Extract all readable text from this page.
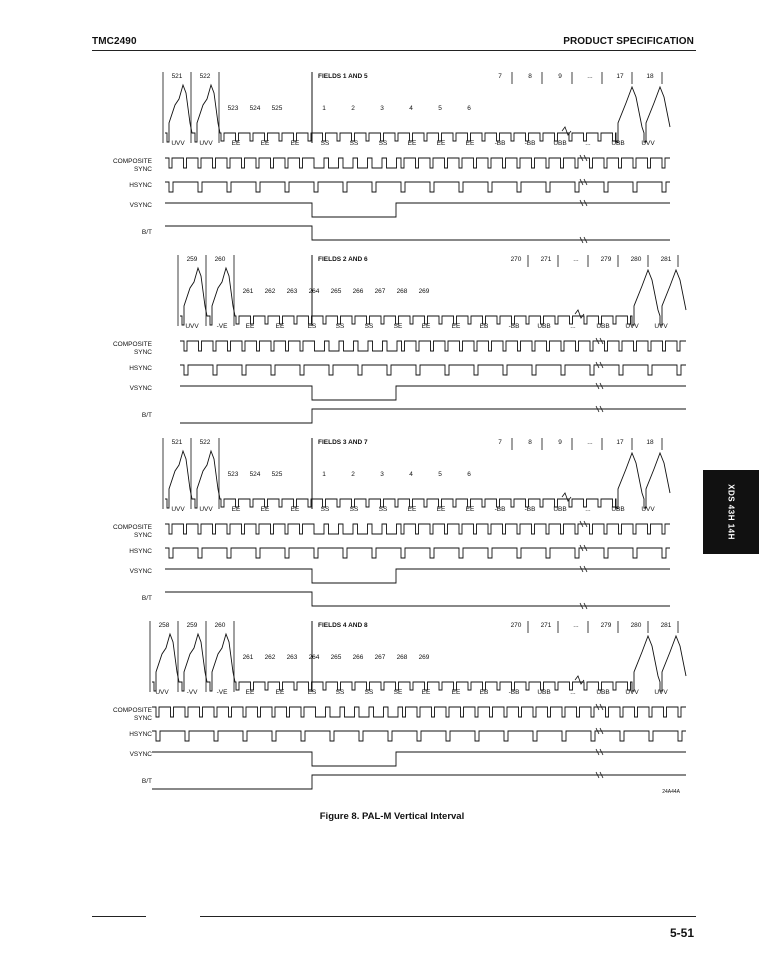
TMC2490	PRODUCT SPECIFICATION
521	522	FIELDS 1 AND 5
523 524 525	1	2	3	4	5	6
7	8	9	...	17	18
UVV UVV	EE	EE	EE	SS	SS	SS	EE	EE	EE	-BB	-BB	UBB	...	UBB	UVV
COMPOSITE
SYNC
HSYNC
VSYNC
B/T
259	260	FIELDS 2 AND 6
261 262 263 264 265 266 267 268 269
270	271	...	279	280	281
UVV	-VE	EE	EE	ES	SS	SS	SE	EE	EE	EB	-BB	UBB	...	UBB UVV UVV
COMPOSITE
SYNC
HSYNC
VSYNC
B/T
521	522	FIELDS 3 AND 7
523 524 525	1	2	3	4	5	6
7	8	9	...	17	18
UVV UVV	EE	EE	EE	SS	SS	SS	EE	EE	EE	-BB	-BB	UBB	...	UBB	UVV
COMPOSITE
SYNC
HSYNC
VSYNC
B/T
258	259	260	FIELDS 4 AND 8
261 262 263 264 265 266 267 268 269
270	271	...	279	280	281
UVV	-VV	-VE	EE	EE	ES	SS	SS	SE	EE	EE	EB	-BB	UBB	...	UBB UVV UVV
COMPOSITE
SYNC
HSYNC
VSYNC
B/T
24A44A
XDS 43H 14H
Figure 8. PAL-M Vertical Interval
5-51
